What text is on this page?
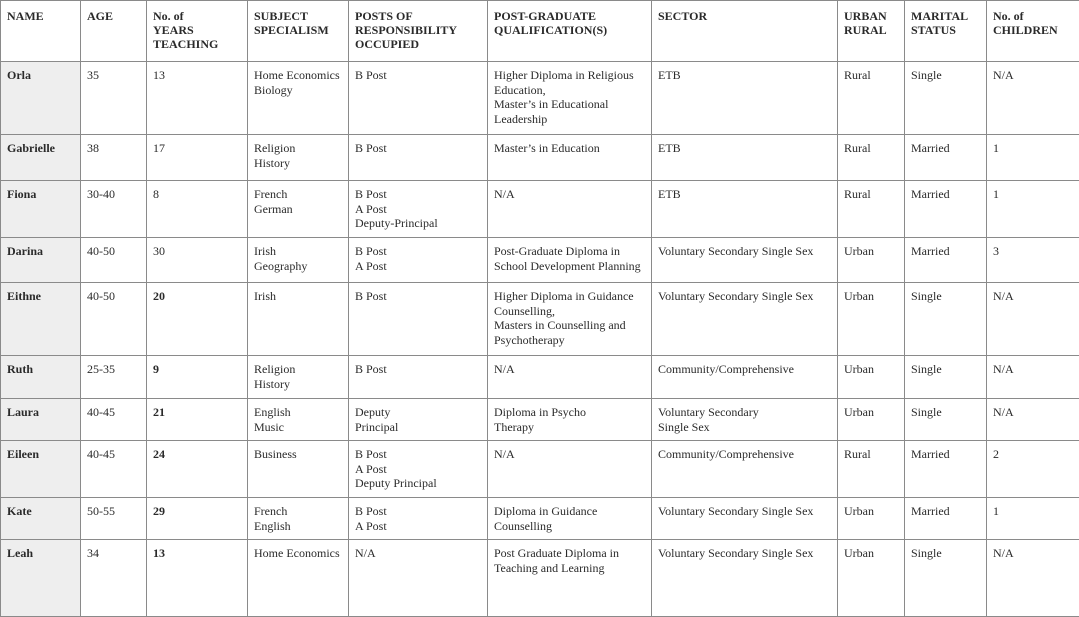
NAME	AGE	No. of
YEARS
TEACHING	SUBJECT
SPECIALISM	POSTS OF
RESPONSIBILITY
OCCUPIED	POST-GRADUATE
QUALIFICATION(S)	SECTOR	URBAN
RURAL	MARITAL
STATUS	No. of
CHILDREN

Orla	35	13	Home Economics
Biology	B Post	Higher Diploma in Religious
Education,
Master’s in Educational
Leadership	ETB	Rural	Single	N/A

Gabrielle	38	17	Religion
History	B Post	Master’s in Education	ETB	Rural	Married	1

Fiona	30-40	8	French
German	B Post
A Post
Deputy-Principal	N/A	ETB	Rural	Married	1

Darina	40-50	30	Irish
Geography	B Post
A Post	Post-Graduate Diploma in
School Development Planning	Voluntary Secondary Single Sex	Urban	Married	3

Eithne	40-50	20	Irish	B Post	Higher Diploma in Guidance
Counselling,
Masters in Counselling and
Psychotherapy	Voluntary Secondary Single Sex	Urban	Single	N/A

Ruth	25-35	9	Religion
History	B Post	N/A	Community/Comprehensive	Urban	Single	N/A

Laura	40-45	21	English
Music	Deputy
Principal	Diploma in Psycho
Therapy	Voluntary Secondary
Single Sex	Urban	Single	N/A

Eileen	40-45	24	Business	B Post
A Post
Deputy Principal	N/A	Community/Comprehensive	Rural	Married	2

Kate	50-55	29	French
English	B Post
A Post	Diploma in Guidance
Counselling	Voluntary Secondary Single Sex	Urban	Married	1

Leah	34	13	Home Economics	N/A	Post Graduate Diploma in
Teaching and Learning	Voluntary Secondary Single Sex	Urban	Single	N/A
